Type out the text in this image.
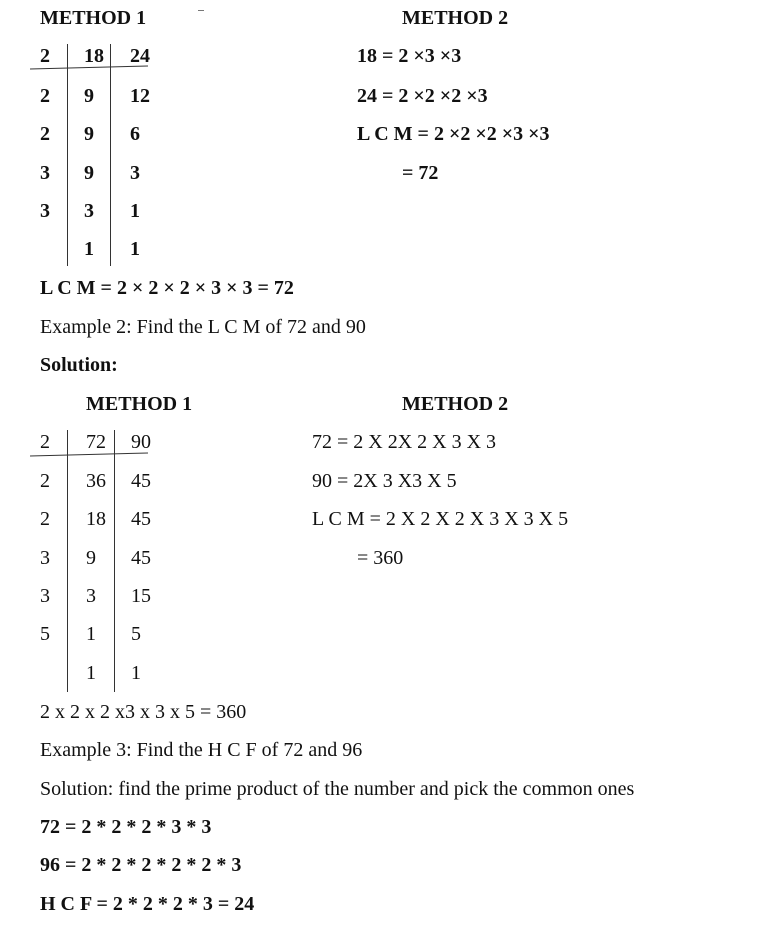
METHOD 1	METHOD 2
2 18 24
2 9 12
2 9 6
3 9 3
3 3 1
1 1
18 = 2 ×3 ×3
24 = 2 ×2 ×2 ×3
L C M = 2 ×2 ×2 ×3 ×3
= 72
L C M = 2 × 2 × 2 × 3 × 3 = 72
Example 2: Find the L C M of 72 and 90
Solution:
METHOD 1	METHOD 2
2 72 90
2 36 45
2 18 45
3 9 45
3 3 15
5 1 5
1 1
72 = 2 X 2X 2 X 3 X 3
90 = 2X 3 X3 X 5
L C M = 2 X 2 X 2 X 3 X 3 X 5
= 360
2 x 2 x 2 x3 x 3 x 5 = 360
Example 3: Find the H C F of 72 and 96
Solution: find the prime product of the number and pick the common ones
72 = 2 * 2 * 2 * 3 * 3
96 = 2 * 2 * 2 * 2 * 2 * 3
H C F = 2 * 2 * 2 * 3 = 24
